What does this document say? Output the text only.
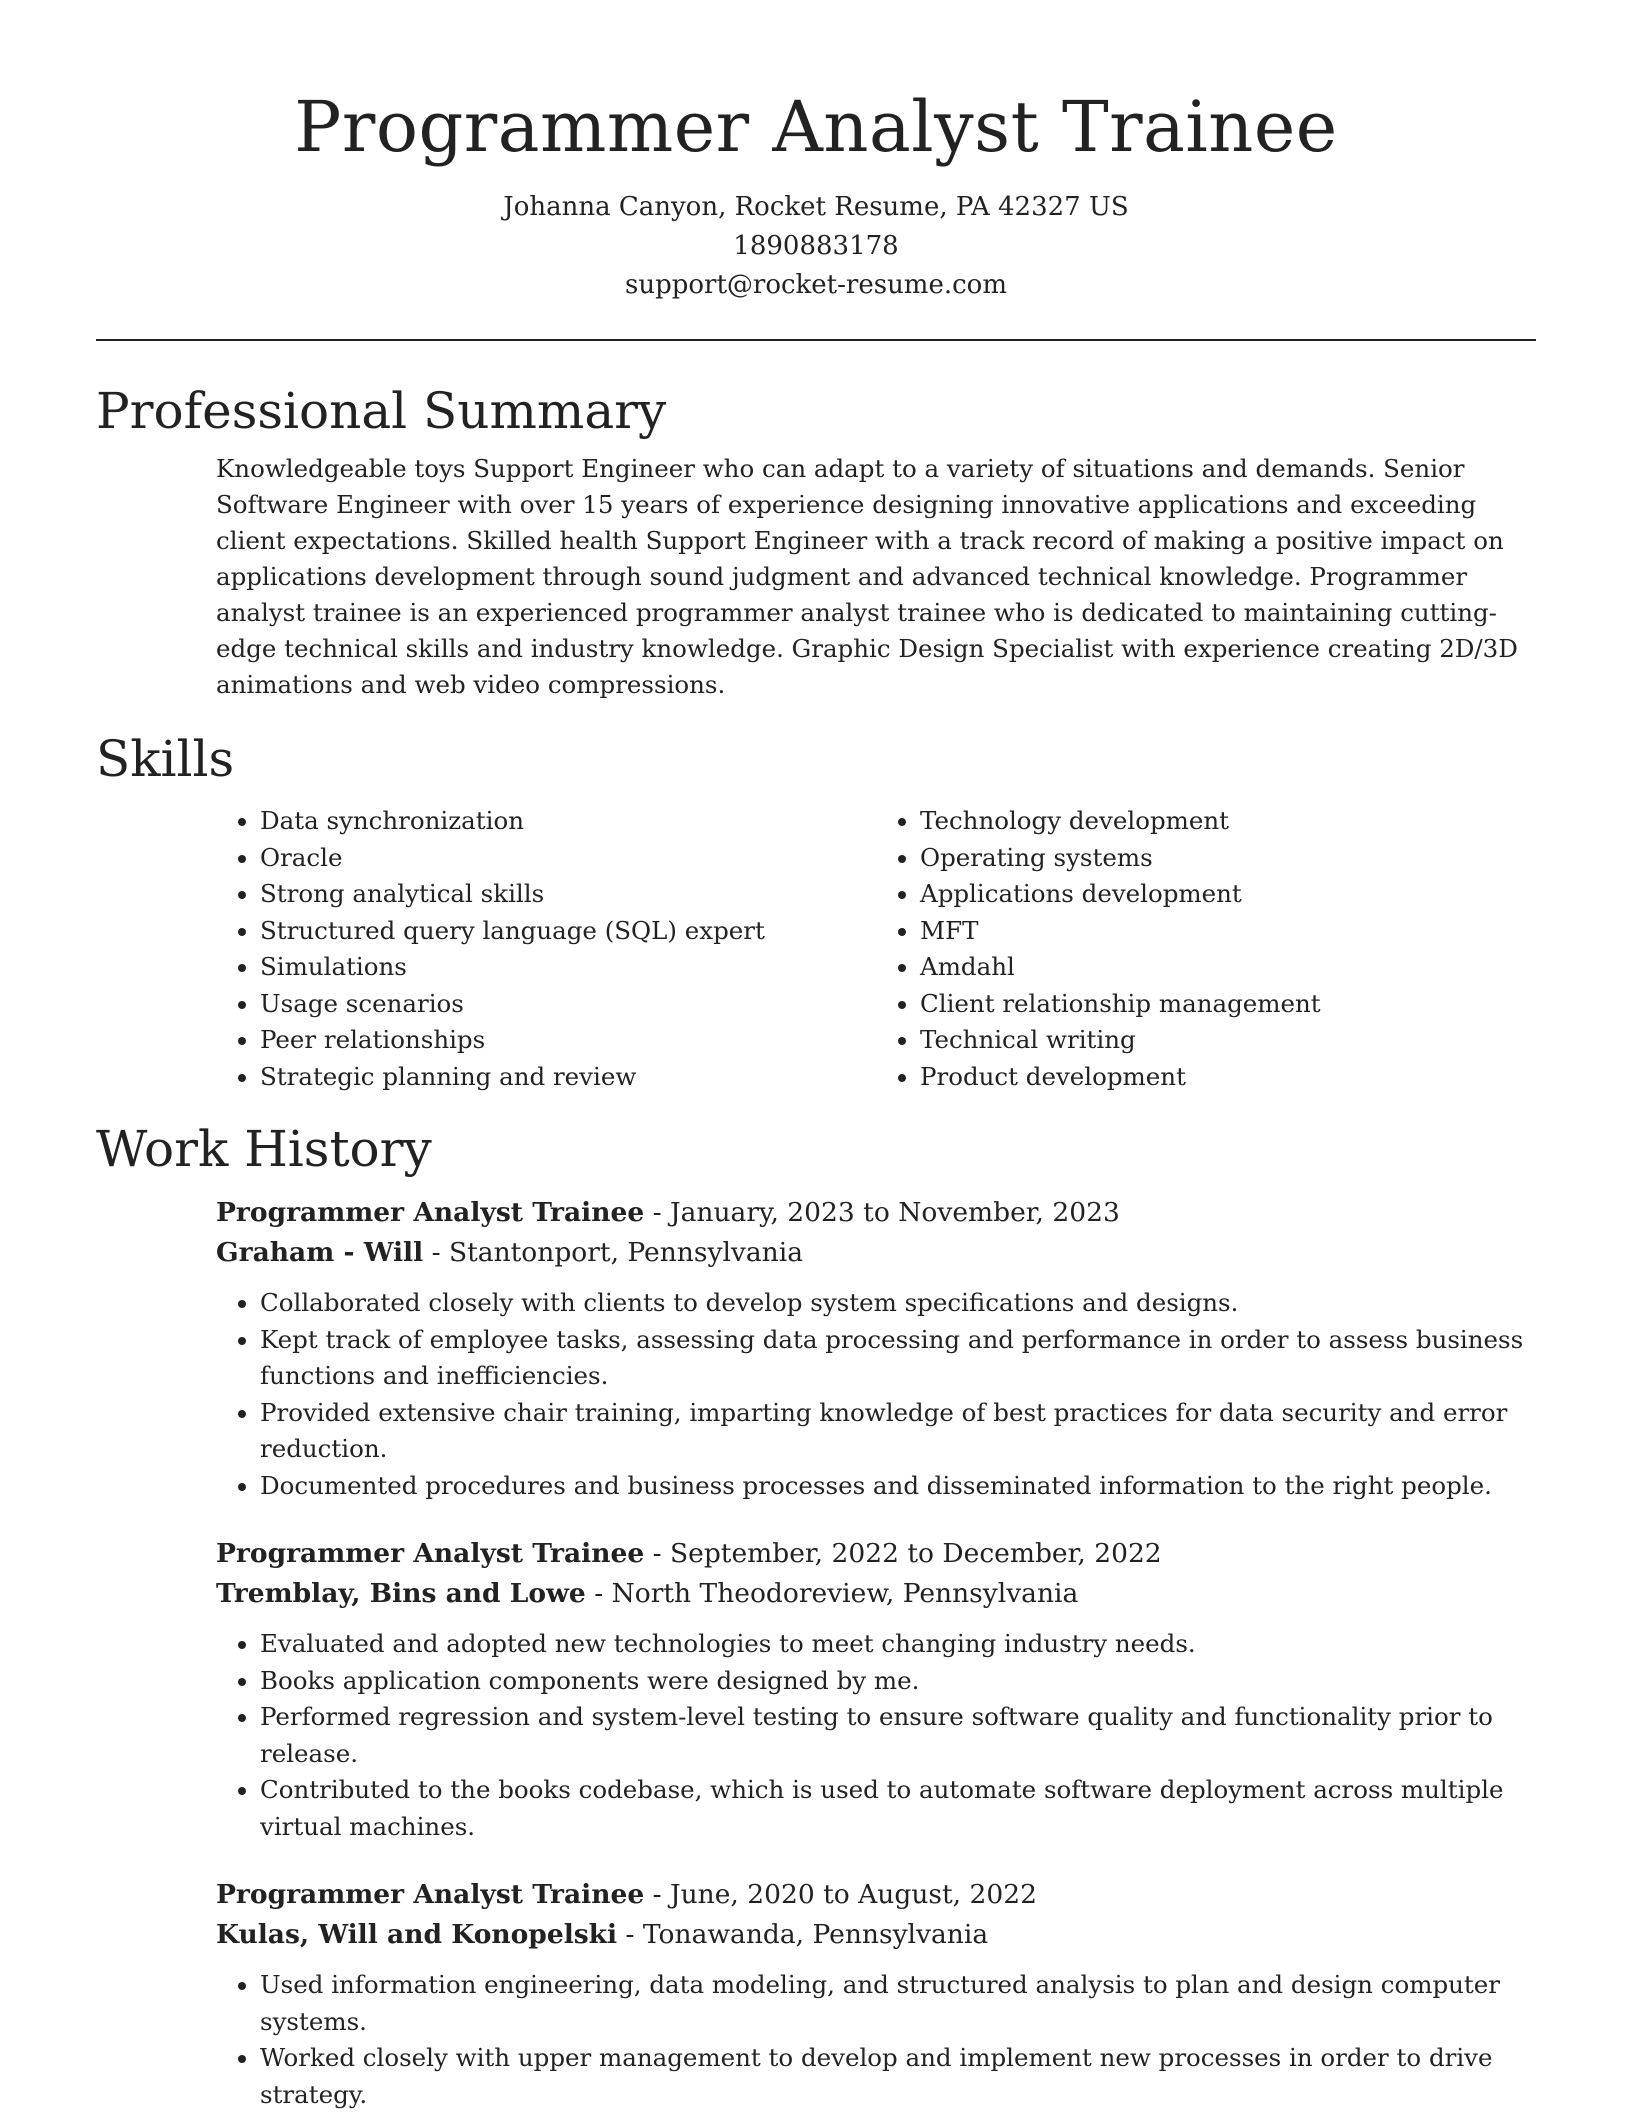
Programmer Analyst Trainee
Johanna Canyon, Rocket Resume, PA 42327 US
1890883178
support@rocket-resume.com
Professional Summary

Knowledgeable toys Support Engineer who can adapt to a variety of situations and demands. Senior Software Engineer with over 15 years of experience designing innovative applications and exceeding client expectations. Skilled health Support Engineer with a track record of making a positive impact on applications development through sound judgment and advanced technical knowledge. Programmer analyst trainee is an experienced programmer analyst trainee who is dedicated to maintaining cutting-edge technical skills and industry knowledge. Graphic Design Specialist with experience creating 2D/3D animations and web video compressions.

Skills
• Data synchronization
• Oracle
• Strong analytical skills
• Structured query language (SQL) expert
• Simulations
• Usage scenarios
• Peer relationships
• Strategic planning and review
• Technology development
• Operating systems
• Applications development
• MFT
• Amdahl
• Client relationship management
• Technical writing
• Product development
Work History
Programmer Analyst Trainee - January, 2023 to November, 2023
Graham - Will - Stantonport, Pennsylvania
• Collaborated closely with clients to develop system specifications and designs.
• Kept track of employee tasks, assessing data processing and performance in order to assess business functions and inefficiencies.
• Provided extensive chair training, imparting knowledge of best practices for data security and error reduction.
• Documented procedures and business processes and disseminated information to the right people.
Programmer Analyst Trainee - September, 2022 to December, 2022
Tremblay, Bins and Lowe - North Theodoreview, Pennsylvania
• Evaluated and adopted new technologies to meet changing industry needs.
• Books application components were designed by me.
• Performed regression and system-level testing to ensure software quality and functionality prior to release.
• Contributed to the books codebase, which is used to automate software deployment across multiple virtual machines.
Programmer Analyst Trainee - June, 2020 to August, 2022
Kulas, Will and Konopelski - Tonawanda, Pennsylvania
• Used information engineering, data modeling, and structured analysis to plan and design computer systems.
• Worked closely with upper management to develop and implement new processes in order to drive strategy.
